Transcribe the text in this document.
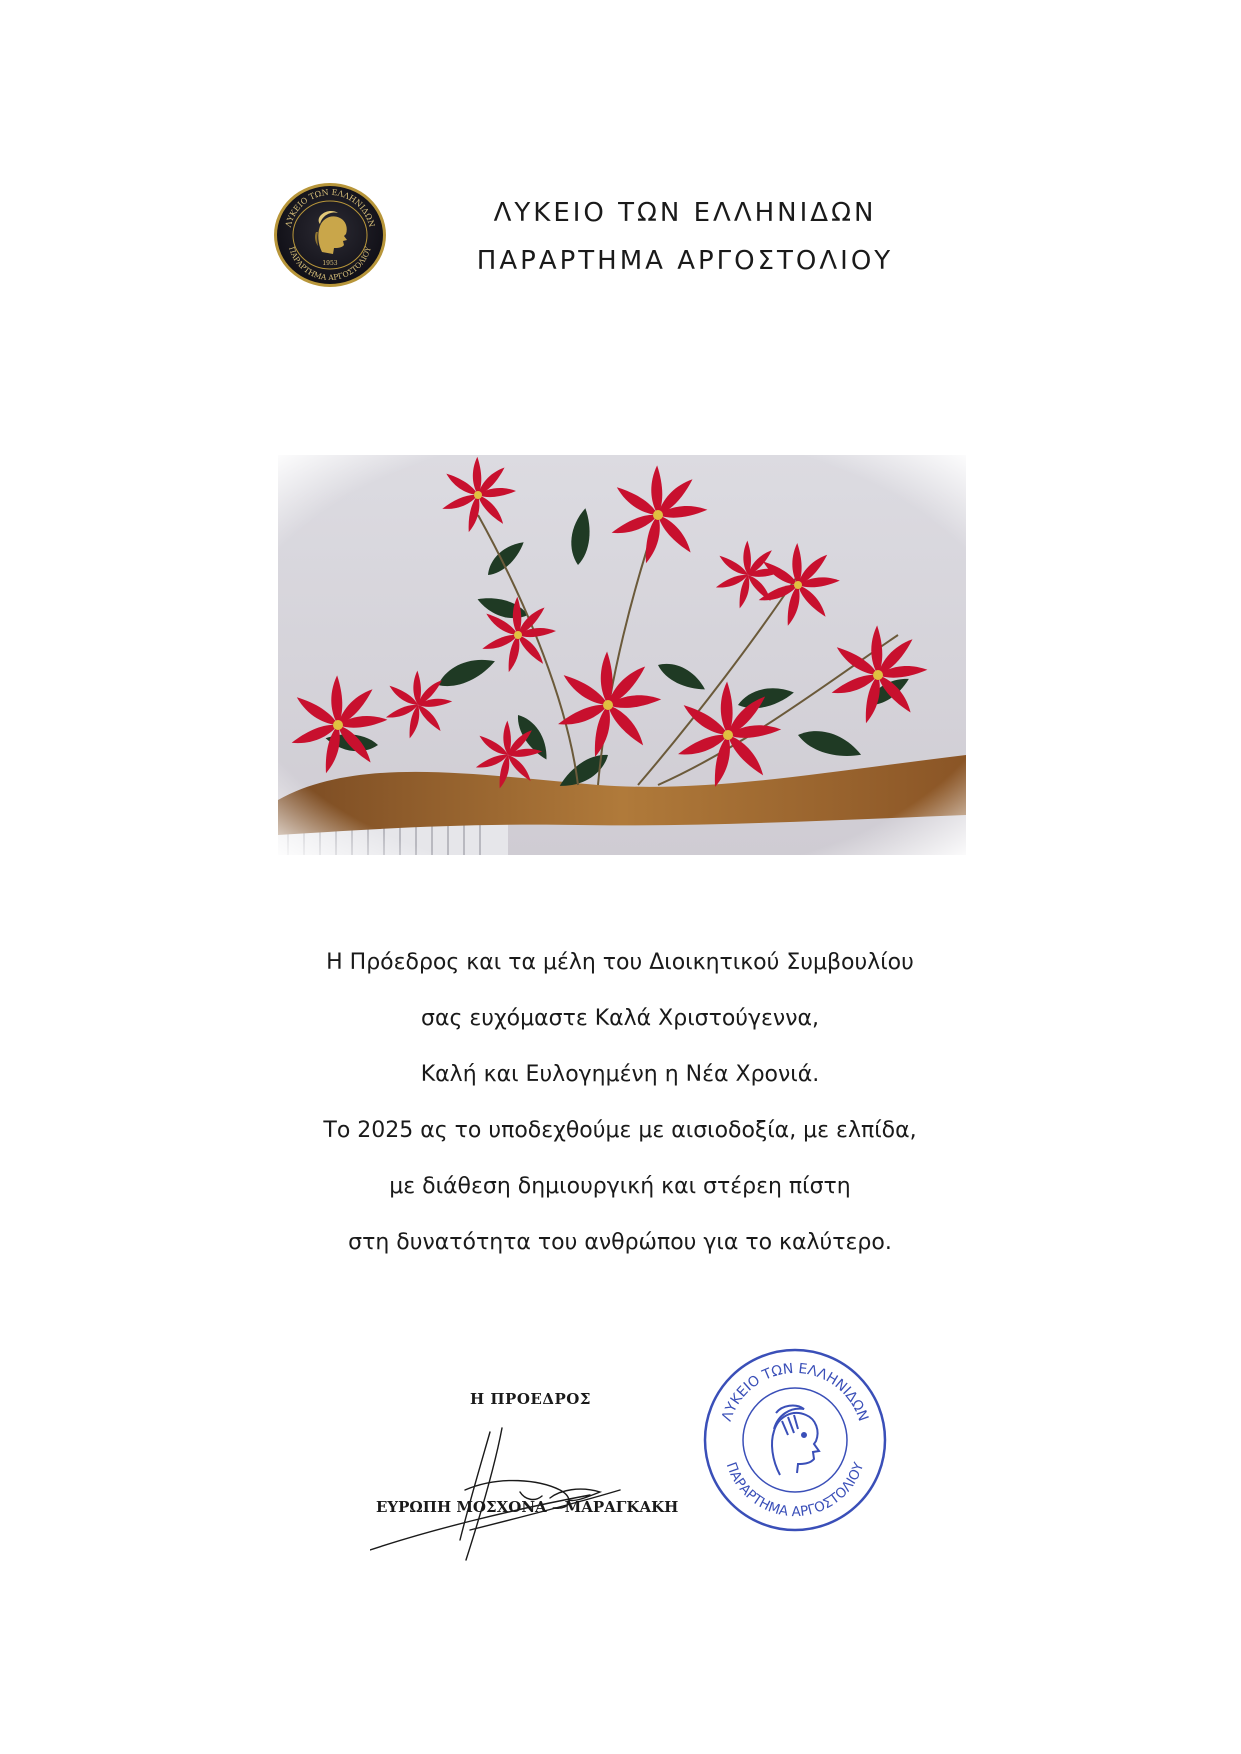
ΛΥΚΕΙΟ ΤΩΝ ΕΛΛΗΝΙΔΩΝ
ΠΑΡΑΡΤΗΜΑ ΑΡΓΟΣΤΟΛΙΟΥ
1953
ΛΥΚΕΙΟ ΤΩΝ ΕΛΛΗΝΙΔΩΝ
ΠΑΡΑΡΤΗΜΑ ΑΡΓΟΣΤΟΛΙΟΥ
Η Πρόεδρος και τα μέλη του Διοικητικού Συμβουλίου
σας ευχόμαστε Καλά Χριστούγεννα,
Καλή και Ευλογημένη η Νέα Χρονιά.
Το 2025 ας το υποδεχθούμε με αισιοδοξία, με ελπίδα,
με διάθεση δημιουργική και στέρεη πίστη
στη δυνατότητα του ανθρώπου για το καλύτερο.
Η ΠΡΟΕΔΡΟΣ
ΕΥΡΩΠΗ ΜΟΣΧΟΝΑ – ΜΑΡΑΓΚΑΚΗ
ΛΥΚΕΙΟ ΤΩΝ ΕΛΛΗΝΙΔΩΝ
ΠΑΡΑΡΤΗΜΑ ΑΡΓΟΣΤΟΛΙΟΥ
